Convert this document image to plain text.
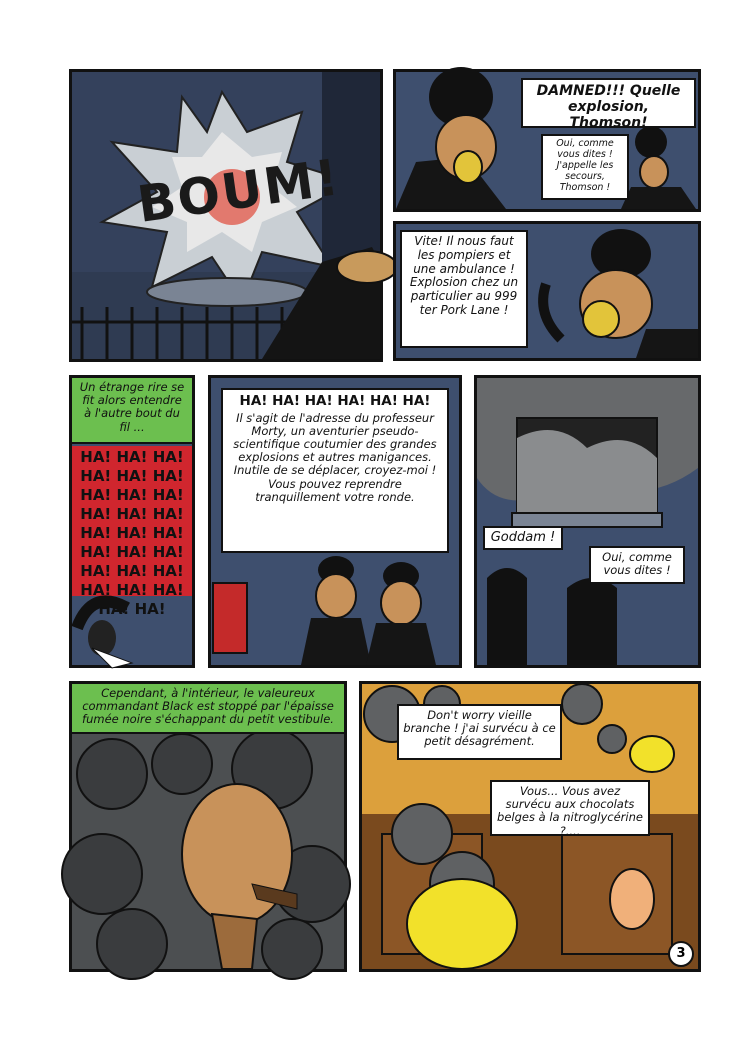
BOUM!
DAMNED!!! Quelle explosion, Thomson!
Oui, comme vous dites ! J'appelle les secours, Thomson !
Vite! Il nous faut les pompiers et une ambulance ! Explosion chez un particulier au 999 ter Pork Lane !
HA! HA! HA! HA! HA! HA! HA! HA! HA! HA! HA! HA! HA! HA! HA! HA! HA! HA! HA! HA! HA! HA! HA! HA! HA! HA!
Un étrange rire se fit alors entendre à l'autre bout du fil ...
HA! HA! HA! HA! HA! HA!
Il s'agit de l'adresse du professeur Morty, un aventurier pseudo-scientifique coutumier des grandes explosions et autres manigances. Inutile de se déplacer, croyez-moi ! Vous pouvez reprendre tranquillement votre ronde.
Goddam !
Oui, comme vous dites !
Cependant, à l'intérieur, le valeureux commandant Black est stoppé par l'épaisse fumée noire s'échappant du petit vestibule.	Don't worry vieille branche ! j'ai survécu à ce petit désagrément.
Vous... Vous avez survécu aux chocolats belges à la nitroglycérine ?....
3
